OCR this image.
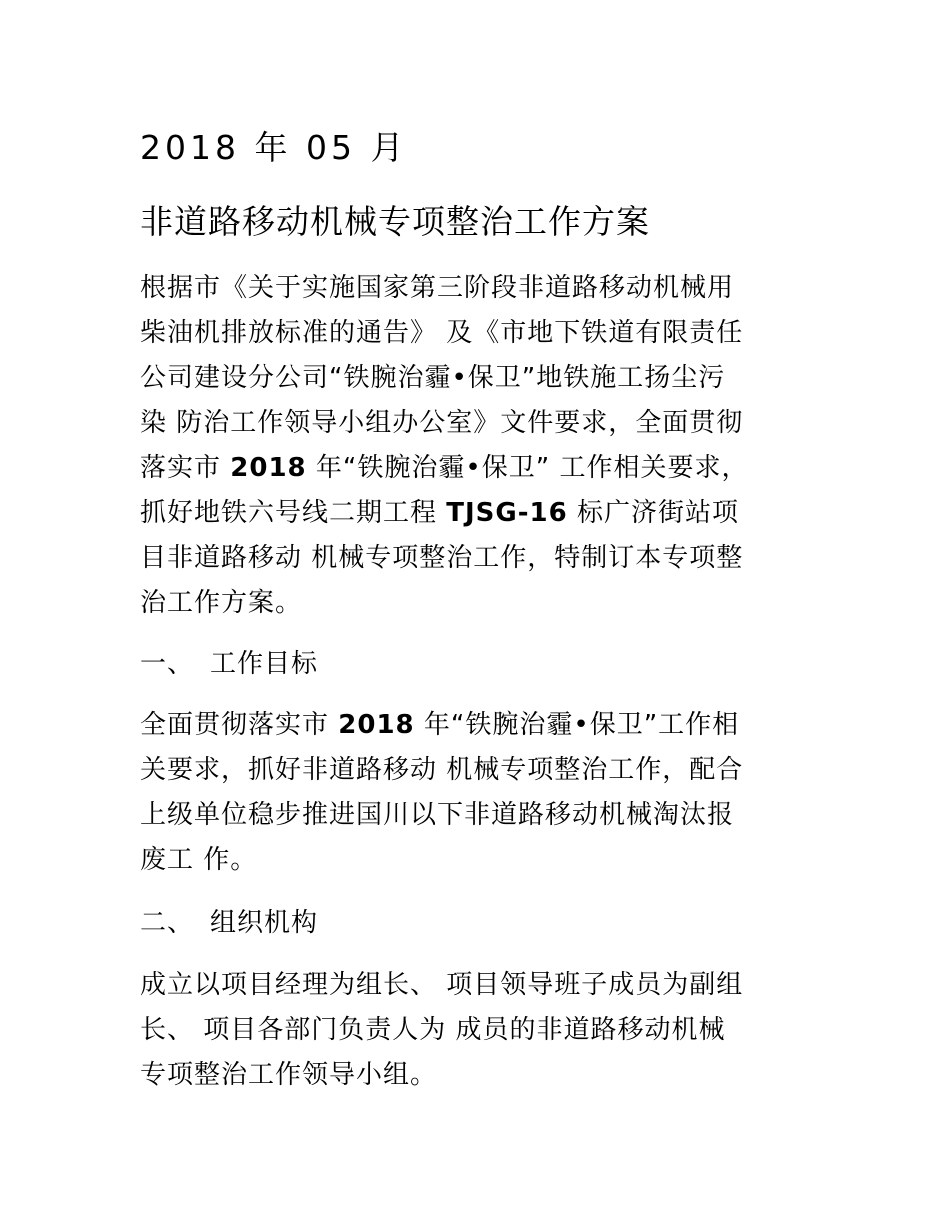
2018 年 05 月
非道路移动机械专项整治工作方案
根据市《关于实施国家第三阶段非道路移动机械用
柴油机排放标准的通告》 及《市地下铁道有限责任
公司建设分公司“铁腕治霾•保卫”地铁施工扬尘污
染 防治工作领导小组办公室》文件要求，全面贯彻
落实市 2018 年“铁腕治霾•保卫” 工作相关要求，
抓好地铁六号线二期工程 TJSG-16 标广济街站项
目非道路移动 机械专项整治工作，特制订本专项整
治工作方案。
一、 工作目标
全面贯彻落实市 2018 年“铁腕治霾•保卫”工作相
关要求，抓好非道路移动 机械专项整治工作，配合
上级单位稳步推进国川以下非道路移动机械淘汰报
废工 作。
二、 组织机构
成立以项目经理为组长、 项目领导班子成员为副组
长、 项目各部门负责人为 成员的非道路移动机械
专项整治工作领导小组。
